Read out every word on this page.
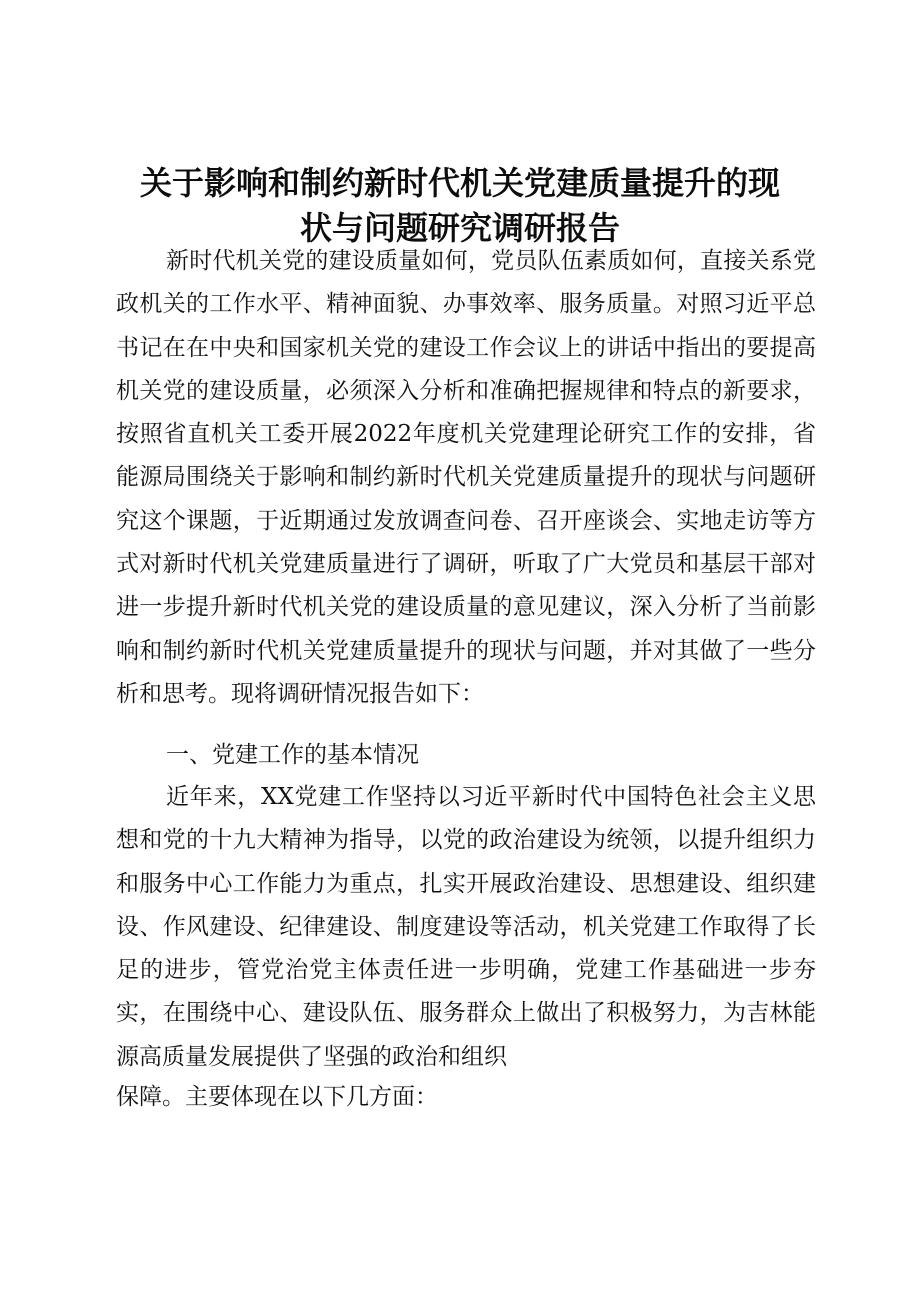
关于影响和制约新时代机关党建质量提升的现
状与问题研究调研报告
新时代机关党的建设质量如何，党员队伍素质如何，直接关系党政机关的工作水平、精神面貌、办事效率、服务质量。对照习近平总书记在在中央和国家机关党的建设工作会议上的讲话中指出的要提高机关党的建设质量，必须深入分析和准确把握规律和特点的新要求，按照省直机关工委开展2022年度机关党建理论研究工作的安排，省能源局围绕关于影响和制约新时代机关党建质量提升的现状与问题研究这个课题，于近期通过发放调查问卷、召开座谈会、实地走访等方式对新时代机关党建质量进行了调研，听取了广大党员和基层干部对进一步提升新时代机关党的建设质量的意见建议，深入分析了当前影响和制约新时代机关党建质量提升的现状与问题，并对其做了一些分析和思考。现将调研情况报告如下：
一、党建工作的基本情况
近年来，XX党建工作坚持以习近平新时代中国特色社会主义思想和党的十九大精神为指导，以党的政治建设为统领，以提升组织力和服务中心工作能力为重点，扎实开展政治建设、思想建设、组织建设、作风建设、纪律建设、制度建设等活动，机关党建工作取得了长足的进步，管党治党主体责任进一步明确，党建工作基础进一步夯实，在围绕中心、建设队伍、服务群众上做出了积极努力，为吉林能源高质量发展提供了坚强的政治和组织
保障。主要体现在以下几方面：
